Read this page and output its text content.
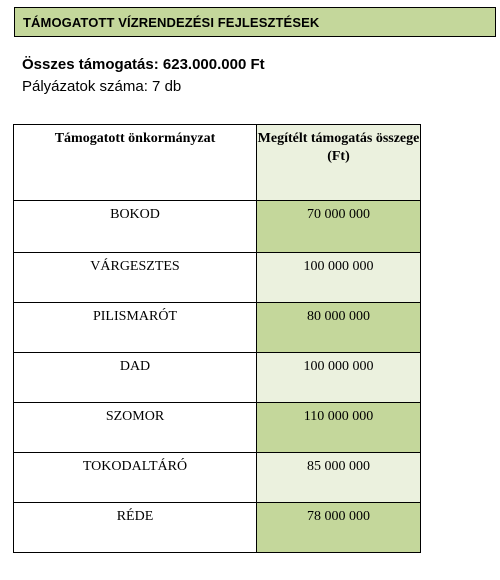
TÁMOGATOTT VÍZRENDEZÉSI FEJLESZTÉSEK
Összes támogatás: 623.000.000 Ft
Pályázatok száma: 7 db
Támogatott önkormányzat	Megítélt támogatás összege (Ft)
BOKOD	70 000 000
VÁRGESZTES	100 000 000
PILISMARÓT	80 000 000
DAD	100 000 000
SZOMOR	110 000 000
TOKODALTÁRÓ	85 000 000
RÉDE	78 000 000
